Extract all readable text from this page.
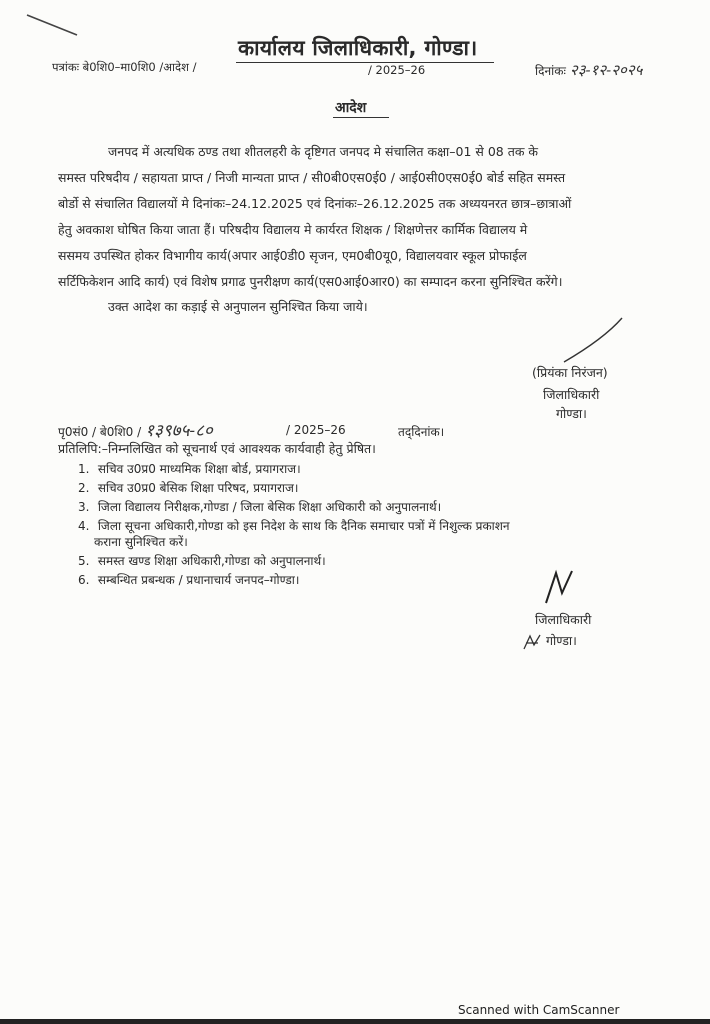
कार्यालय जिलाधिकारी, गोण्डा।
पत्रांकः बे0शि0–मा0शि0 /आदेश /	/ 2025–26	दिनांकः २३-१२-२०२५
आदेश
जनपद में अत्यधिक ठण्ड तथा शीतलहरी के दृष्टिगत जनपद मे संचालित कक्षा–01 से 08 तक के
समस्त परिषदीय / सहायता प्राप्त / निजी मान्यता प्राप्त / सी0बी0एस0ई0 / आई0सी0एस0ई0 बोर्ड सहित समस्त
बोर्डो से संचालित विद्यालयों मे दिनांकः–24.12.2025 एवं दिनांकः–26.12.2025 तक अध्ययनरत छात्र–छात्राओं
हेतु अवकाश घोषित किया जाता हैं। परिषदीय विद्यालय मे कार्यरत शिक्षक / शिक्षणेत्तर कार्मिक विद्यालय मे
ससमय उपस्थित होकर विभागीय कार्य(अपार आई0डी0 सृजन, एम0बी0यू0, विद्यालयवार स्कूल प्रोफाईल
सर्टिफिकेशन आदि कार्य) एवं विशेष प्रगाढ पुनरीक्षण कार्य(एस0आई0आर0) का सम्पादन करना सुनिश्चित करेंगे।
उक्त आदेश का कड़ाई से अनुपालन सुनिश्चित किया जाये।
(प्रियंका निरंजन)
जिलाधिकारी
गोण्डा।
पृ0सं0 / बे0शि0 / १३९७५-८०	/ 2025–26	तद्‌दिनांक।
प्रतिलिपि:–निम्नलिखित को सूचनार्थ एवं आवश्यक कार्यवाही हेतु प्रेषित।
1. सचिव उ0प्र0 माध्यमिक शिक्षा बोर्ड, प्रयागराज।
2. सचिव उ0प्र0 बेसिक शिक्षा परिषद, प्रयागराज।
3. जिला विद्यालय निरीक्षक,गोण्डा / जिला बेसिक शिक्षा अधिकारी को अनुपालनार्थ।
4. जिला सूचना अधिकारी,गोण्डा को इस निदेश के साथ कि दैनिक समाचार पत्रों में निशुल्क प्रकाशन
कराना सुनिश्चित करें।
5. समस्त खण्ड शिक्षा अधिकारी,गोण्डा को अनुपालनार्थ।
6. सम्बन्धित प्रबन्धक / प्रधानाचार्य जनपद–गोण्डा।
जिलाधिकारी
गोण्डा।
Scanned with CamScanner
